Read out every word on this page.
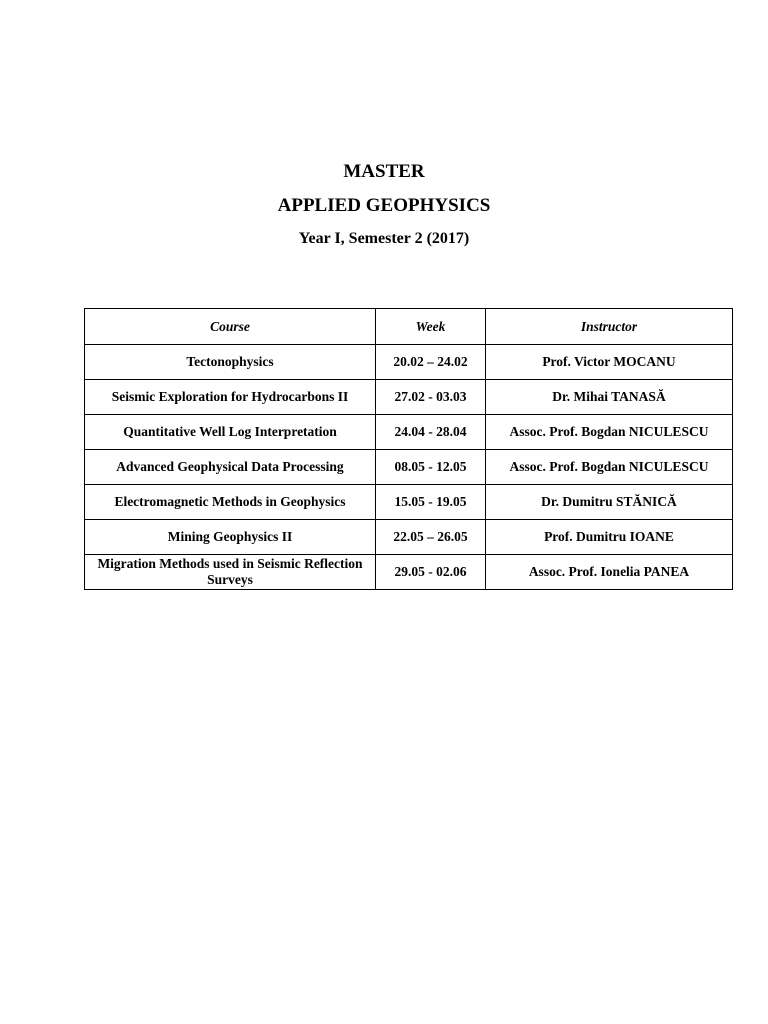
MASTER
APPLIED GEOPHYSICS
Year I, Semester 2 (2017)
Course	Week	Instructor
Tectonophysics	20.02 – 24.02	Prof. Victor MOCANU
Seismic Exploration for Hydrocarbons II	27.02 - 03.03	Dr. Mihai TANASĂ
Quantitative Well Log Interpretation	24.04 - 28.04	Assoc. Prof. Bogdan NICULESCU
Advanced Geophysical Data Processing	08.05 - 12.05	Assoc. Prof. Bogdan NICULESCU
Electromagnetic Methods in Geophysics	15.05 - 19.05	Dr. Dumitru STĂNICĂ
Mining Geophysics II	22.05 – 26.05	Prof. Dumitru IOANE
Migration Methods used in Seismic Reflection Surveys	29.05 - 02.06	Assoc. Prof. Ionelia PANEA
